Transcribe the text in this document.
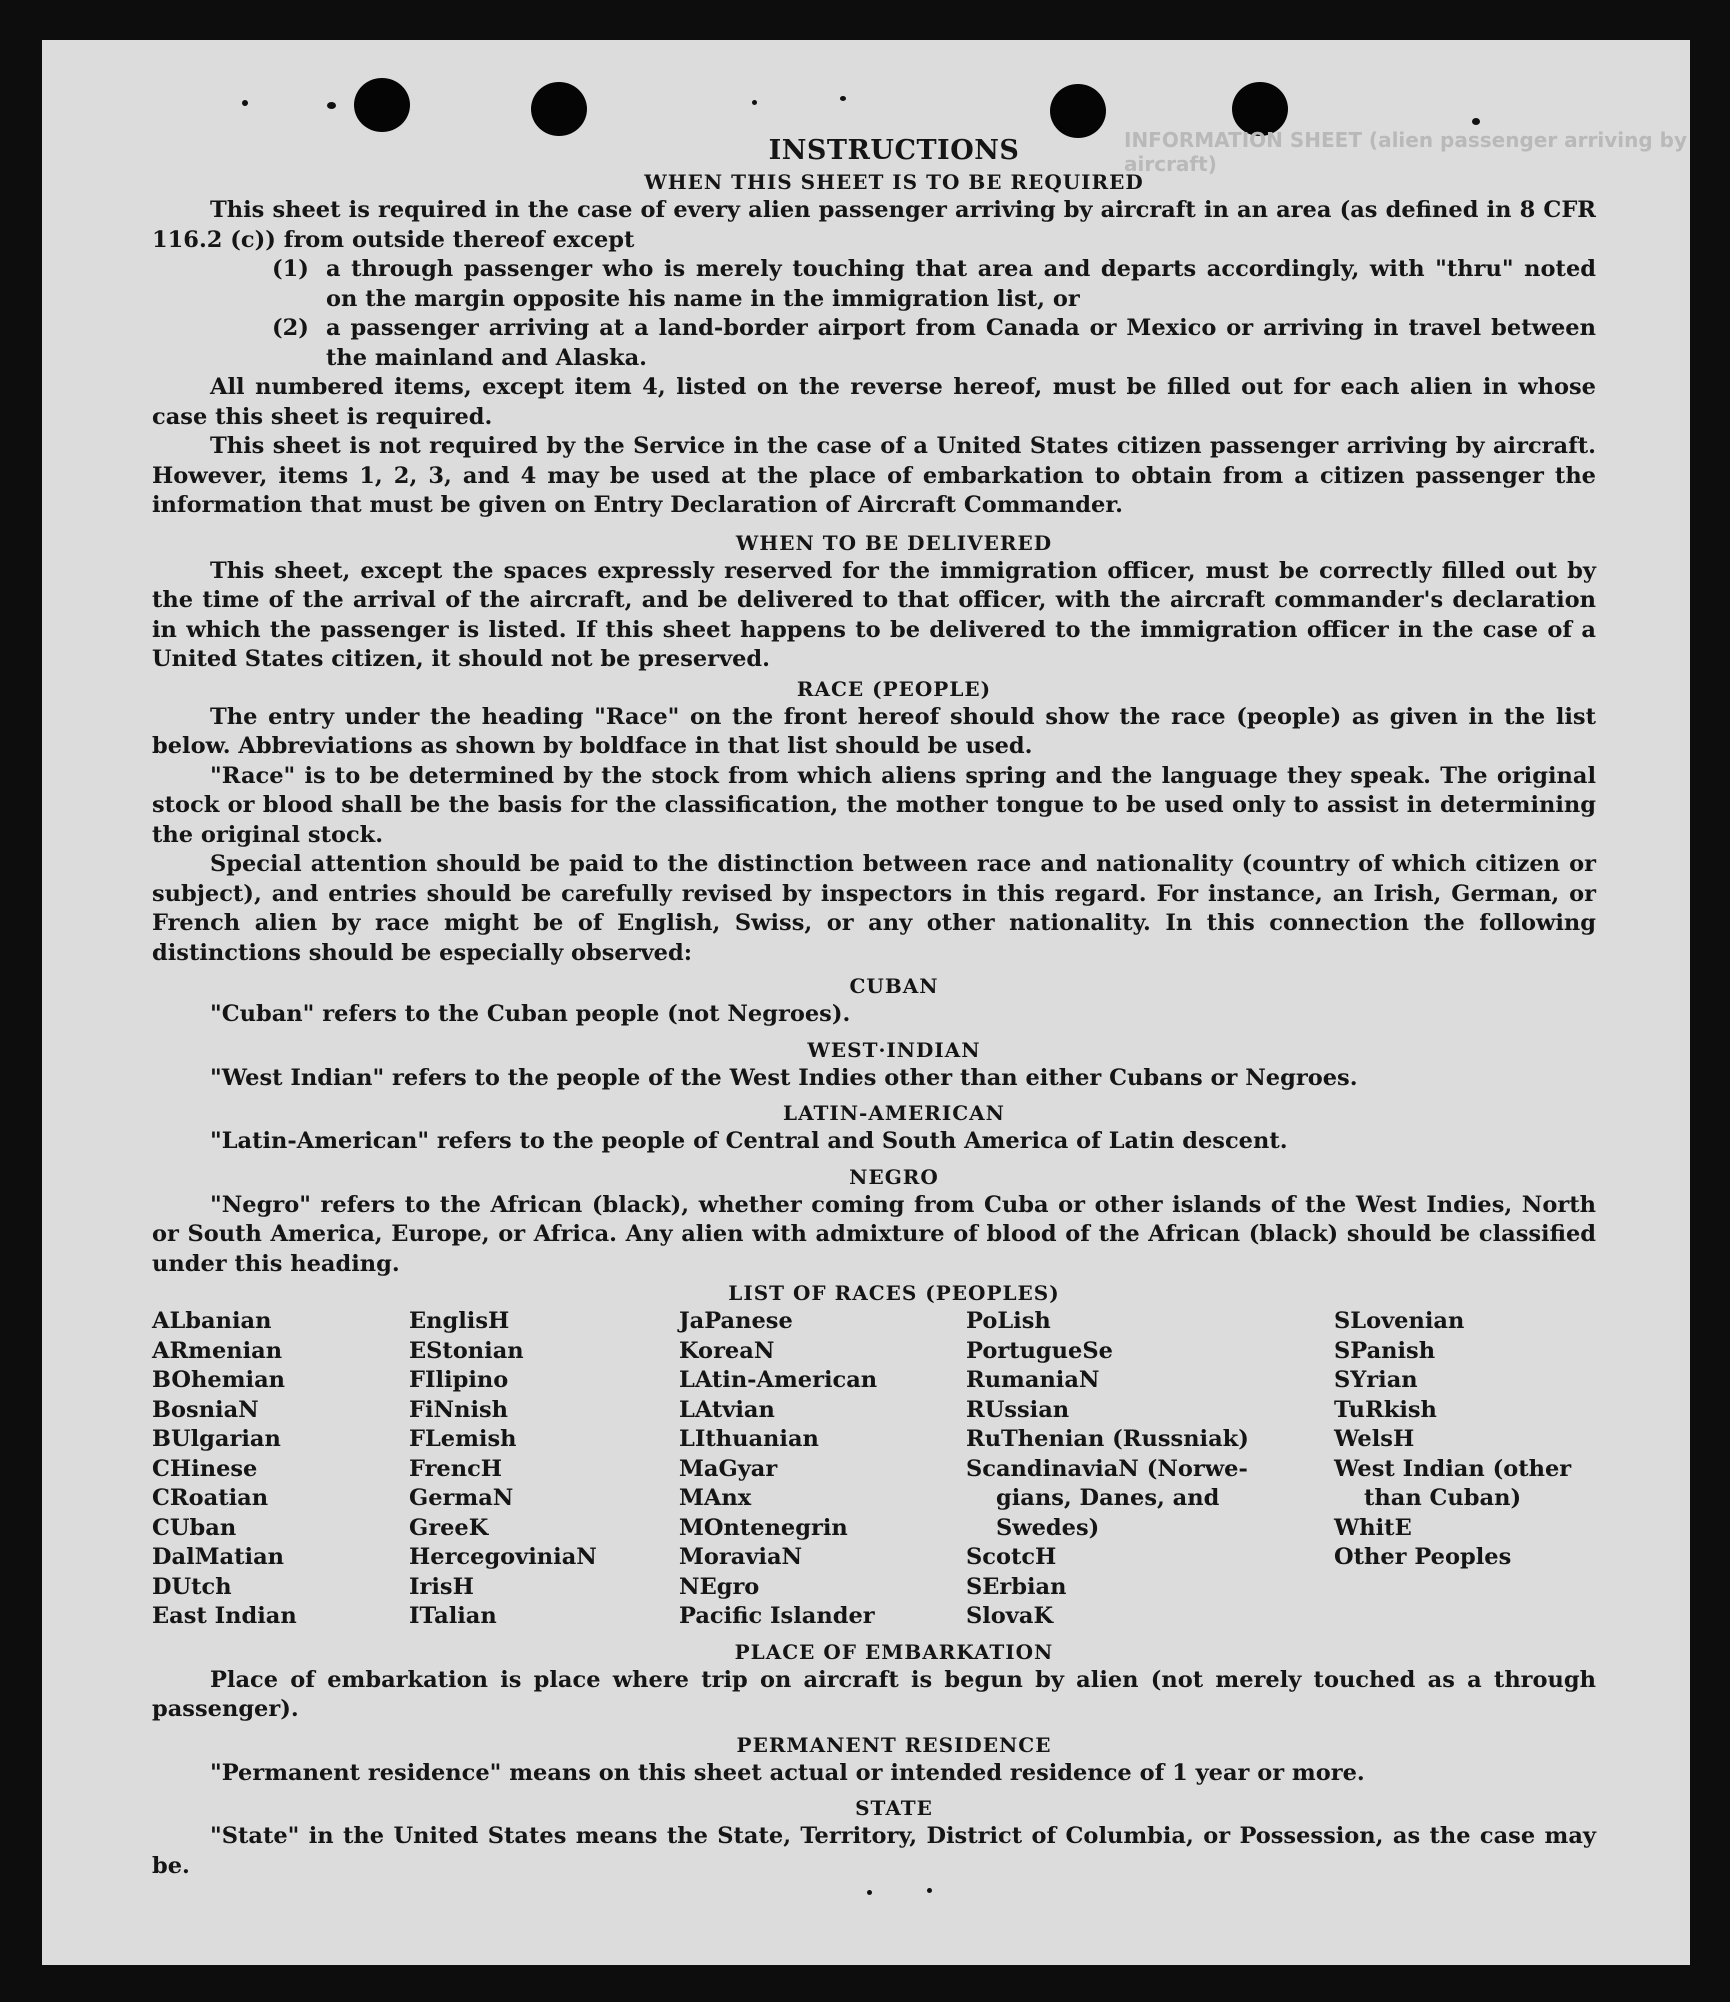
INFORMATION SHEET (alien passenger arriving by aircraft)
INSTRUCTIONS
WHEN THIS SHEET IS TO BE REQUIRED

This sheet is required in the case of every alien passenger arriving by aircraft in an area (as defined in 8 CFR 116.2 (c)) from outside thereof except

(1) a through passenger who is merely touching that area and departs accordingly, with "thru" noted on the margin opposite his name in the immigration list, or
(2) a passenger arriving at a land-border airport from Canada or Mexico or arriving in travel between the mainland and Alaska.

All numbered items, except item 4, listed on the reverse hereof, must be filled out for each alien in whose case this sheet is required.

This sheet is not required by the Service in the case of a United States citizen passenger arriving by aircraft. However, items 1, 2, 3, and 4 may be used at the place of embarkation to obtain from a citizen passenger the information that must be given on Entry Declaration of Aircraft Commander.

WHEN TO BE DELIVERED

This sheet, except the spaces expressly reserved for the immigration officer, must be correctly filled out by the time of the arrival of the aircraft, and be delivered to that officer, with the aircraft commander's declaration in which the passenger is listed. If this sheet happens to be delivered to the immigration officer in the case of a United States citizen, it should not be preserved.

RACE (PEOPLE)

The entry under the heading "Race" on the front hereof should show the race (people) as given in the list below. Abbreviations as shown by boldface in that list should be used.

"Race" is to be determined by the stock from which aliens spring and the language they speak. The original stock or blood shall be the basis for the classification, the mother tongue to be used only to assist in determining the original stock.

Special attention should be paid to the distinction between race and nationality (country of which citizen or subject), and entries should be carefully revised by inspectors in this regard. For instance, an Irish, German, or French alien by race might be of English, Swiss, or any other nationality. In this connection the following distinctions should be especially observed:

CUBAN

"Cuban" refers to the Cuban people (not Negroes).

WEST·INDIAN

"West Indian" refers to the people of the West Indies other than either Cubans or Negroes.

LATIN-AMERICAN

"Latin-American" refers to the people of Central and South America of Latin descent.

NEGRO

"Negro" refers to the African (black), whether coming from Cuba or other islands of the West Indies, North or South America, Europe, or Africa. Any alien with admixture of blood of the African (black) should be classified under this heading.

LIST OF RACES (PEOPLES)
ALbanian
ARmenian
BOhemian
BosniaN
BUlgarian
CHinese
CRoatian
CUban
DalMatian
DUtch
East Indian
EnglisH
EStonian
FIlipino
FiNnish
FLemish
FrencH
GermaN
GreeK
HercegoviniaN
IrisH
ITalian
JaPanese
KoreaN
LAtin-American
LAtvian
LIthuanian
MaGyar
MAnx
MOntenegrin
MoraviaN
NEgro
Pacific Islander
PoLish
PortugueSe
RumaniaN
RUssian
RuThenian (Russniak)
ScandinaviaN (Norwe-
gians, Danes, and
Swedes)
ScotcH
SErbian
SlovaK
SLovenian
SPanish
SYrian
TuRkish
WelsH
West Indian (other
than Cuban)
WhitE
Other Peoples
PLACE OF EMBARKATION

Place of embarkation is place where trip on aircraft is begun by alien (not merely touched as a through passenger).

PERMANENT RESIDENCE

"Permanent residence" means on this sheet actual or intended residence of 1 year or more.

STATE

"State" in the United States means the State, Territory, District of Columbia, or Possession, as the case may be.
